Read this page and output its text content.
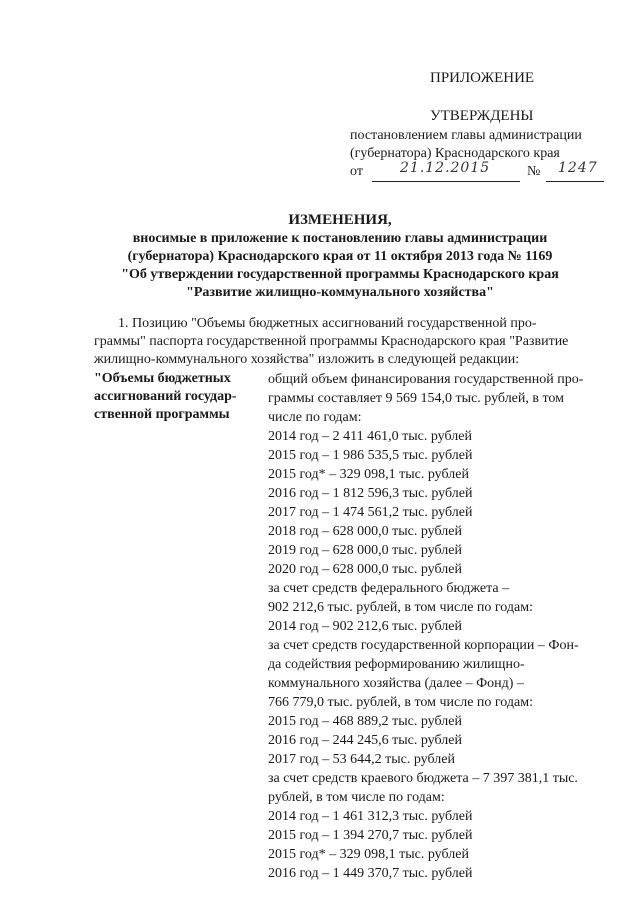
ПРИЛОЖЕНИЕ
УТВЕРЖДЕНЫ
постановлением главы администрации
(губернатора) Краснодарского края
от	21.12.2015	№ 1247
ИЗМЕНЕНИЯ,
вносимые в приложение к постановлению главы администрации
(губернатора) Краснодарского края от 11 октября 2013 года № 1169
"Об утверждении государственной программы Краснодарского края
"Развитие жилищно-коммунального хозяйства"
1. Позицию "Объемы бюджетных ассигнований государственной про-
граммы" паспорта государственной программы Краснодарского края "Развитие
жилищно-коммунального хозяйства" изложить в следующей редакции:
"Объемы бюджетных
ассигнований государ-
ственной программы
общий объем финансирования государственной про-
граммы составляет 9 569 154,0 тыс. рублей, в том
числе по годам:
2014 год – 2 411 461,0 тыс. рублей
2015 год – 1 986 535,5 тыс. рублей
2015 год* – 329 098,1 тыс. рублей
2016 год – 1 812 596,3 тыс. рублей
2017 год – 1 474 561,2 тыс. рублей
2018 год – 628 000,0 тыс. рублей
2019 год – 628 000,0 тыс. рублей
2020 год – 628 000,0 тыс. рублей
за счет средств федерального бюджета –
902 212,6 тыс. рублей, в том числе по годам:
2014 год – 902 212,6 тыс. рублей
за счет средств государственной корпорации – Фон-
да содействия реформированию жилищно-
коммунального хозяйства (далее – Фонд) –
766 779,0 тыс. рублей, в том числе по годам:
2015 год – 468 889,2 тыс. рублей
2016 год – 244 245,6 тыс. рублей
2017 год – 53 644,2 тыс. рублей
за счет средств краевого бюджета – 7 397 381,1 тыс.
рублей, в том числе по годам:
2014 год – 1 461 312,3 тыс. рублей
2015 год – 1 394 270,7 тыс. рублей
2015 год* – 329 098,1 тыс. рублей
2016 год – 1 449 370,7 тыс. рублей
